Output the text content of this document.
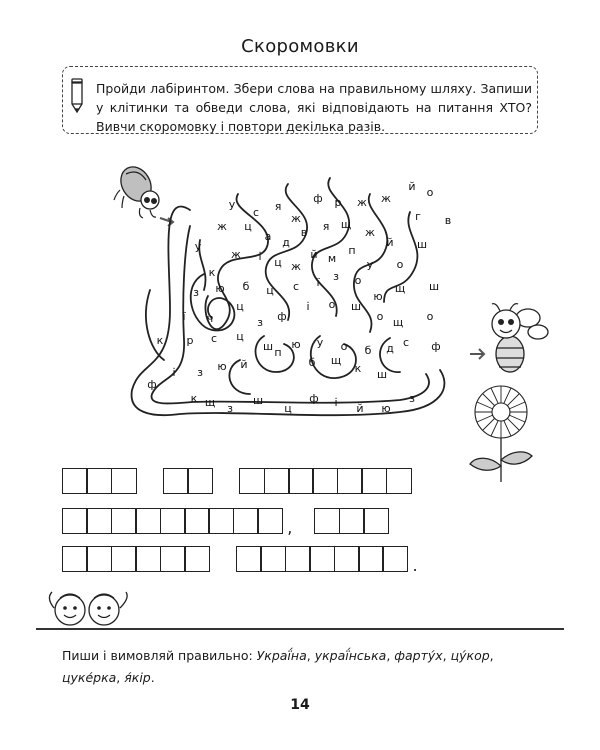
Скоромовки
Пройди лабіринтом. Збери слова на правильному шляху. Запиши у клітинки та обведи слова, які відповідають на питання ХТО? Вивчи скоромовку і повтори декілька разів.
у
с я
ж
ф р ж ж
й о
ж ц
а д
в я щ
ж
й
г
у
к
ж і ц ж
й м
п
у о
ш
в
з ю б ц с ї з о
ю
щ
ї ч
ц
з ф
і о ш
о щ
ш
к р с ц
ш ю у о б д
ф
і з ю й
п
б щ
к ш
с
о
к щ з
ш
ц
ф і й ю
з
ф
,
.
Пиши і вимовляй правильно: Украї́на, украї́нська, фарту́х, цу́кор,
цуке́рка, я́кір.
14
